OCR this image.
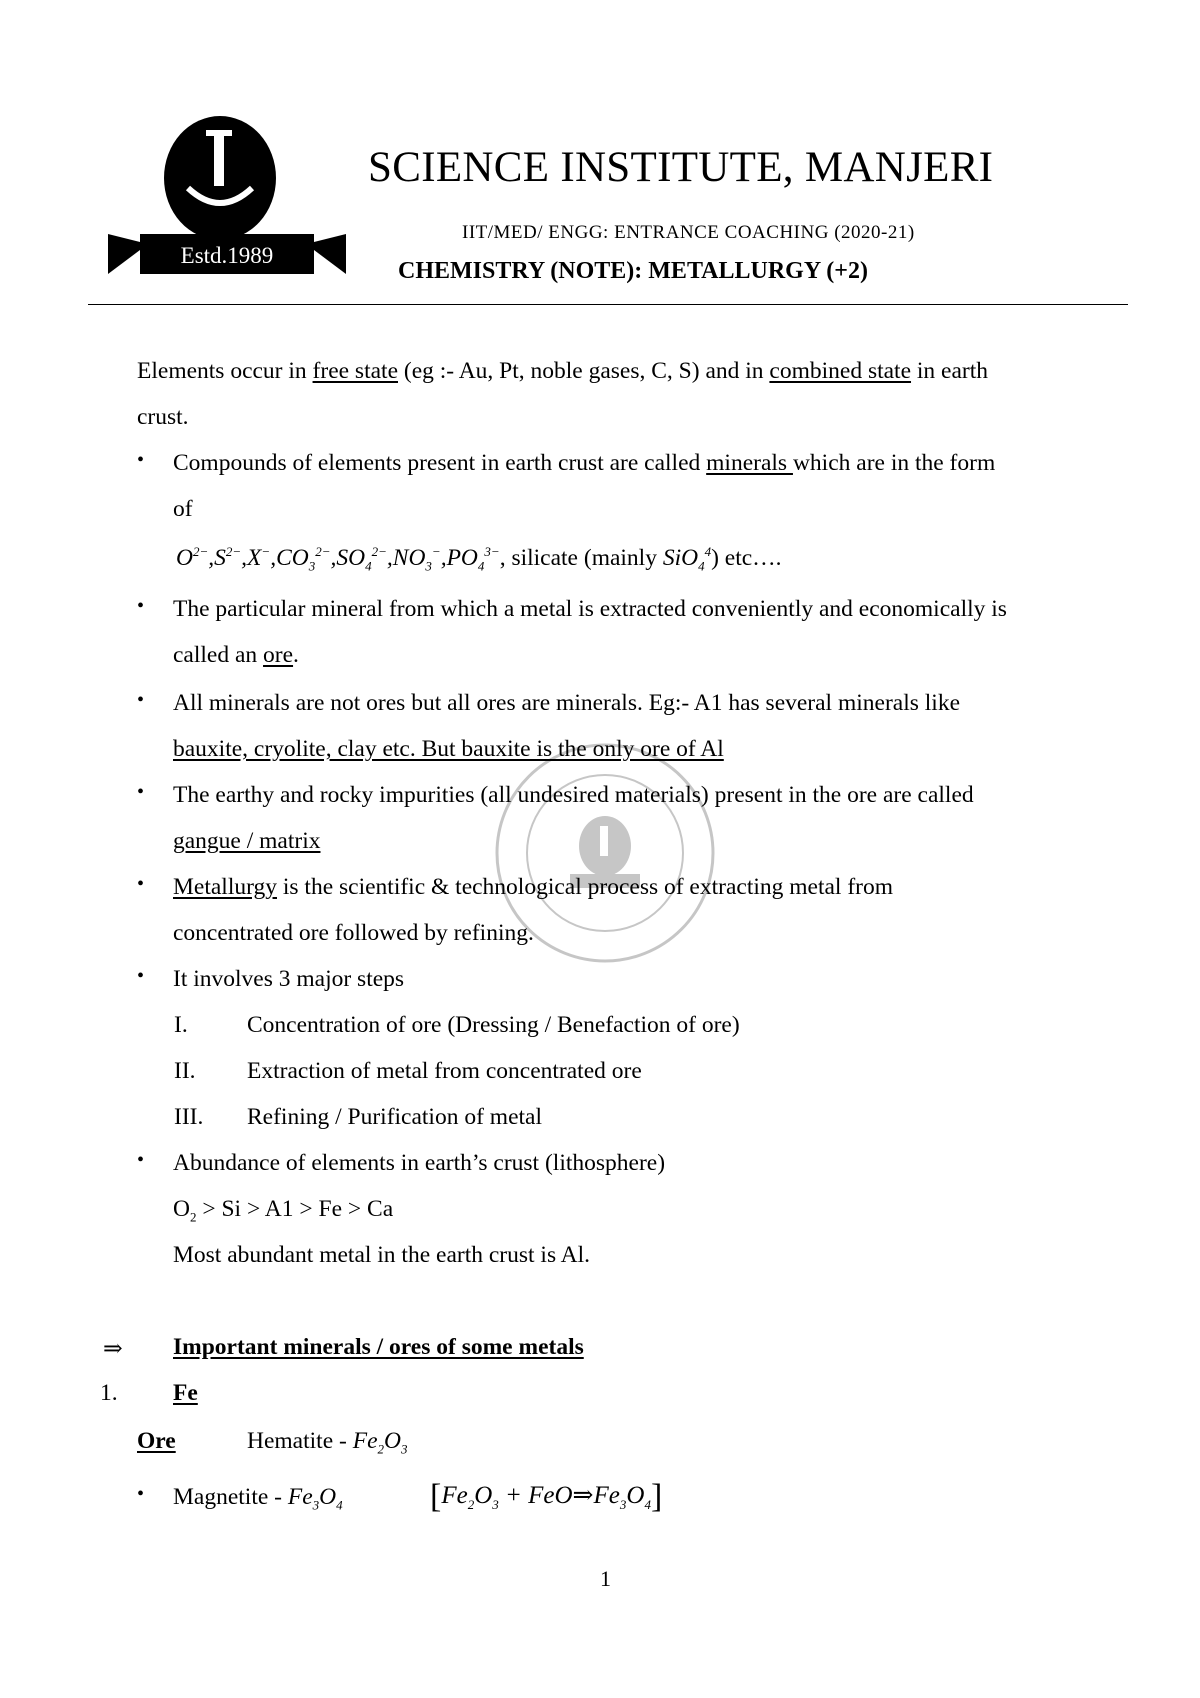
Estd.1989
SCIENCE INSTITUTE, MANJERI
IIT/MED/ ENGG: ENTRANCE COACHING (2020-21)
CHEMISTRY (NOTE): METALLURGY (+2)
Elements occur in free state (eg :- Au, Pt, noble gases, C, S) and in combined state in earth
crust.
• Compounds of elements present in earth crust are called minerals which are in the form
of
$O^{2-},S^{2-},X^-,CO_3^{2-},SO_4^{2-},NO_3^-,PO_4^{3-}$, silicate (mainly SiO$_4^4$) etc….
• The particular mineral from which a metal is extracted conveniently and economically is
called an ore.
• All minerals are not ores but all ores are minerals. Eg:- A1 has several minerals like
bauxite, cryolite, clay etc. But bauxite is the only ore of Al
• The earthy and rocky impurities (all undesired materials) present in the ore are called
gangue / matrix
• Metallurgy is the scientific & technological process of extracting metal from
concentrated ore followed by refining.
• It involves 3 major steps
I.	Concentration of ore (Dressing / Benefaction of ore)
II. Extraction of metal from concentrated ore
III. Refining / Purification of metal
• Abundance of elements in earth’s crust (lithosphere)
$O_2 > Si > A1 > Fe > Ca$
Most abundant metal in the earth crust is Al.
⇒ Important minerals / ores of some metals
1. Fe
Ore	Hematite - $Fe_2O_3$
• Magnetite - $Fe_3O_4$	[$Fe_2O_3$ + $FeO\Rightarrow Fe_3O_4$]
1
